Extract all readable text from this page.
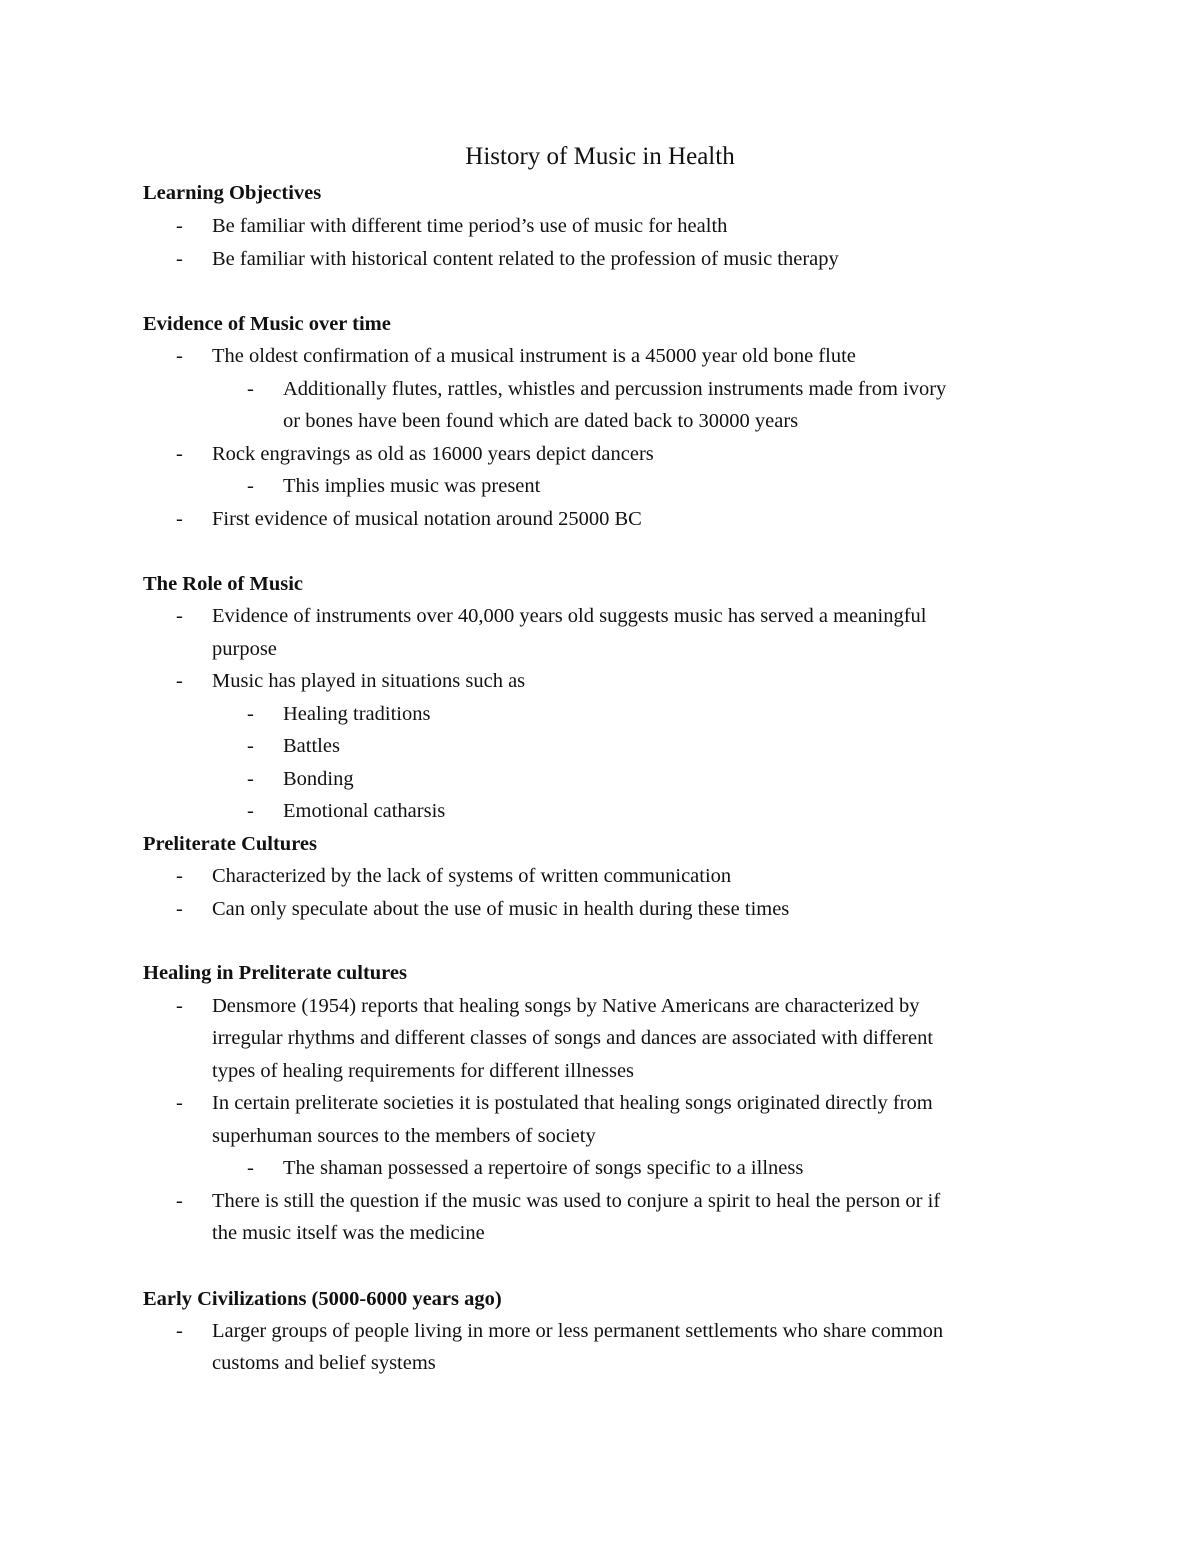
History of Music in Health
Learning Objectives
- Be familiar with different time period’s use of music for health
- Be familiar with historical content related to the profession of music therapy
Evidence of Music over time
- The oldest confirmation of a musical instrument is a 45000 year old bone flute
- Additionally flutes, rattles, whistles and percussion instruments made from ivory
or bones have been found which are dated back to 30000 years
- Rock engravings as old as 16000 years depict dancers
- This implies music was present
- First evidence of musical notation around 25000 BC
The Role of Music
- Evidence of instruments over 40,000 years old suggests music has served a meaningful
purpose
- Music has played in situations such as
- Healing traditions
- Battles
- Bonding
- Emotional catharsis
Preliterate Cultures
- Characterized by the lack of systems of written communication
- Can only speculate about the use of music in health during these times
Healing in Preliterate cultures
- Densmore (1954) reports that healing songs by Native Americans are characterized by
irregular rhythms and different classes of songs and dances are associated with different
types of healing requirements for different illnesses
- In certain preliterate societies it is postulated that healing songs originated directly from
superhuman sources to the members of society
- The shaman possessed a repertoire of songs specific to a illness
- There is still the question if the music was used to conjure a spirit to heal the person or if
the music itself was the medicine
Early Civilizations (5000-6000 years ago)
- Larger groups of people living in more or less permanent settlements who share common
customs and belief systems
